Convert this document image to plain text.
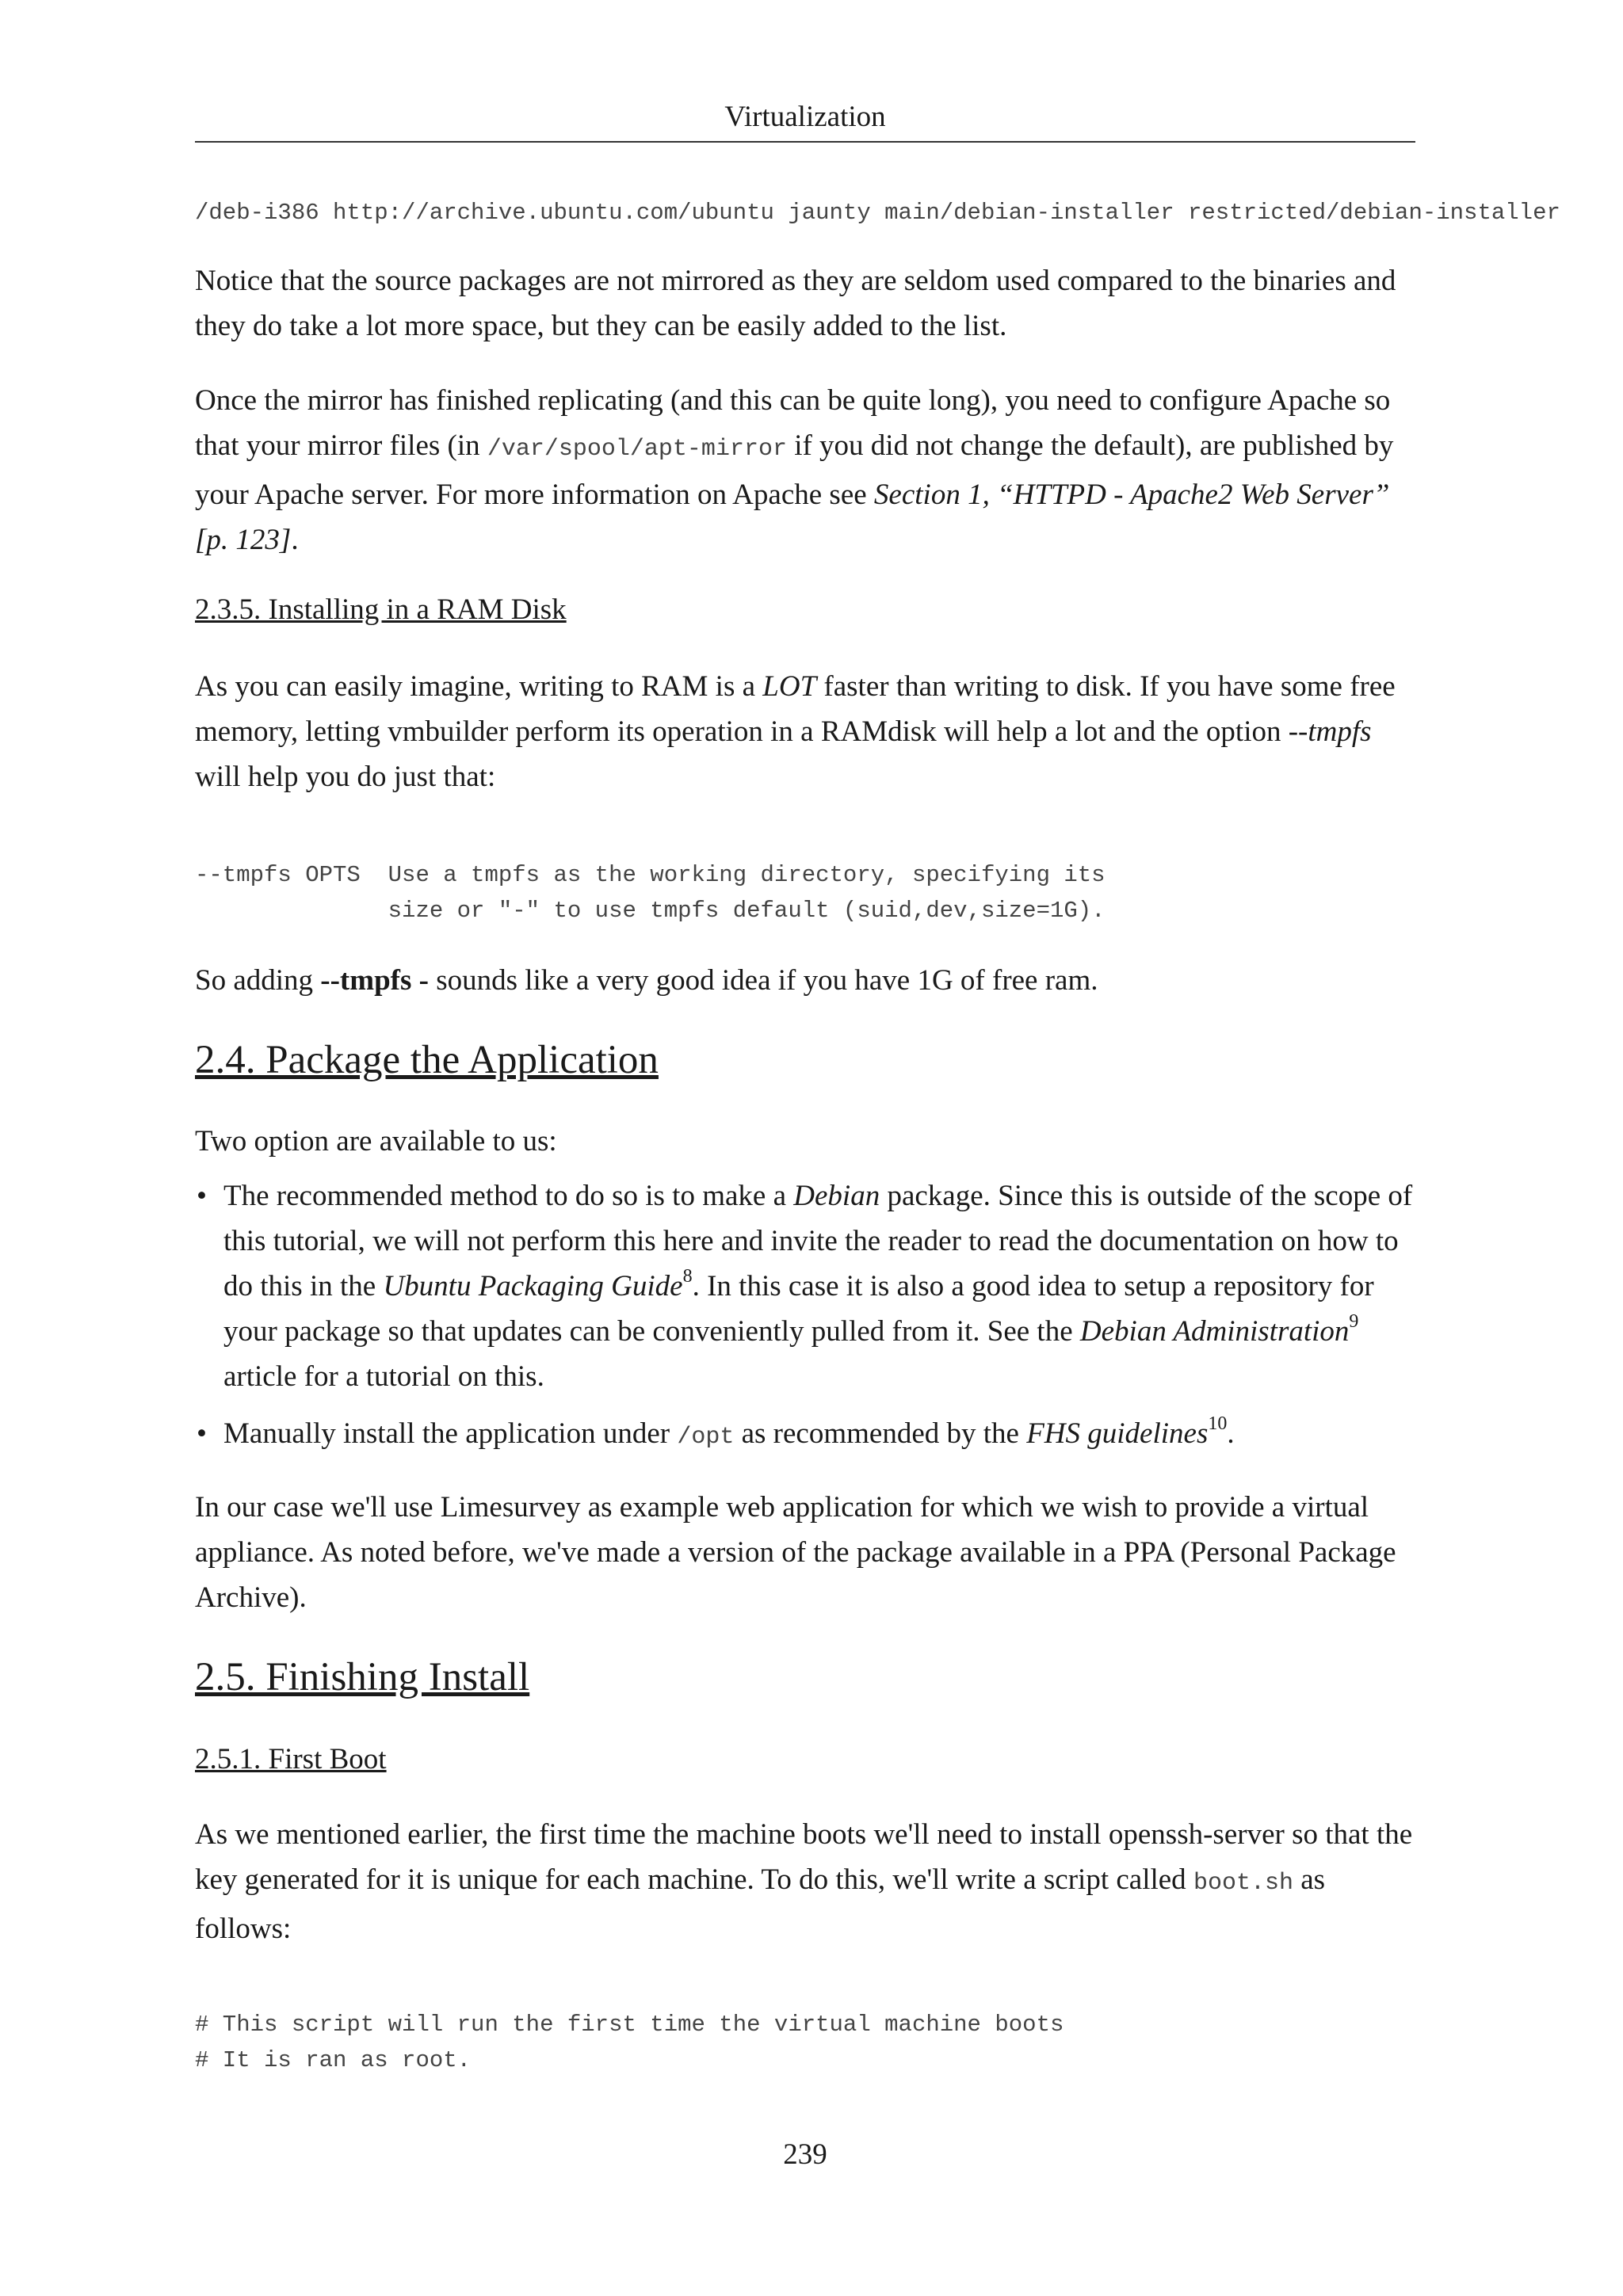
Virtualization
/deb-i386 http://archive.ubuntu.com/ubuntu jaunty main/debian-installer restricted/debian-installer

Notice that the source packages are not mirrored as they are seldom used compared to the binaries and they do take a lot more space, but they can be easily added to the list.

Once the mirror has finished replicating (and this can be quite long), you need to configure Apache so that your mirror files (in /var/spool/apt-mirror if you did not change the default), are published by your Apache server. For more information on Apache see Section 1, “HTTPD - Apache2 Web Server” [p. 123].

2.3.5. Installing in a RAM Disk

As you can easily imagine, writing to RAM is a LOT faster than writing to disk. If you have some free memory, letting vmbuilder perform its operation in a RAMdisk will help a lot and the option --tmpfs will help you do just that:

--tmpfs OPTS  Use a tmpfs as the working directory, specifying its
size or "-" to use tmpfs default (suid,dev,size=1G).

So adding --tmpfs - sounds like a very good idea if you have 1G of free ram.

2.4. Package the Application

Two option are available to us:

• The recommended method to do so is to make a Debian package. Since this is outside of the scope of this tutorial, we will not perform this here and invite the reader to read the documentation on how to do this in the Ubuntu Packaging Guide$^8$. In this case it is also a good idea to setup a repository for your package so that updates can be conveniently pulled from it. See the Debian Administration$^9$ article for a tutorial on this.
• Manually install the application under /opt as recommended by the FHS guidelines$^{10}$.

In our case we'll use Limesurvey as example web application for which we wish to provide a virtual appliance. As noted before, we've made a version of the package available in a PPA (Personal Package Archive).

2.5. Finishing Install
2.5.1. First Boot

As we mentioned earlier, the first time the machine boots we'll need to install openssh-server so that the key generated for it is unique for each machine. To do this, we'll write a script called boot.sh as follows:

# This script will run the first time the virtual machine boots
# It is ran as root.
239
